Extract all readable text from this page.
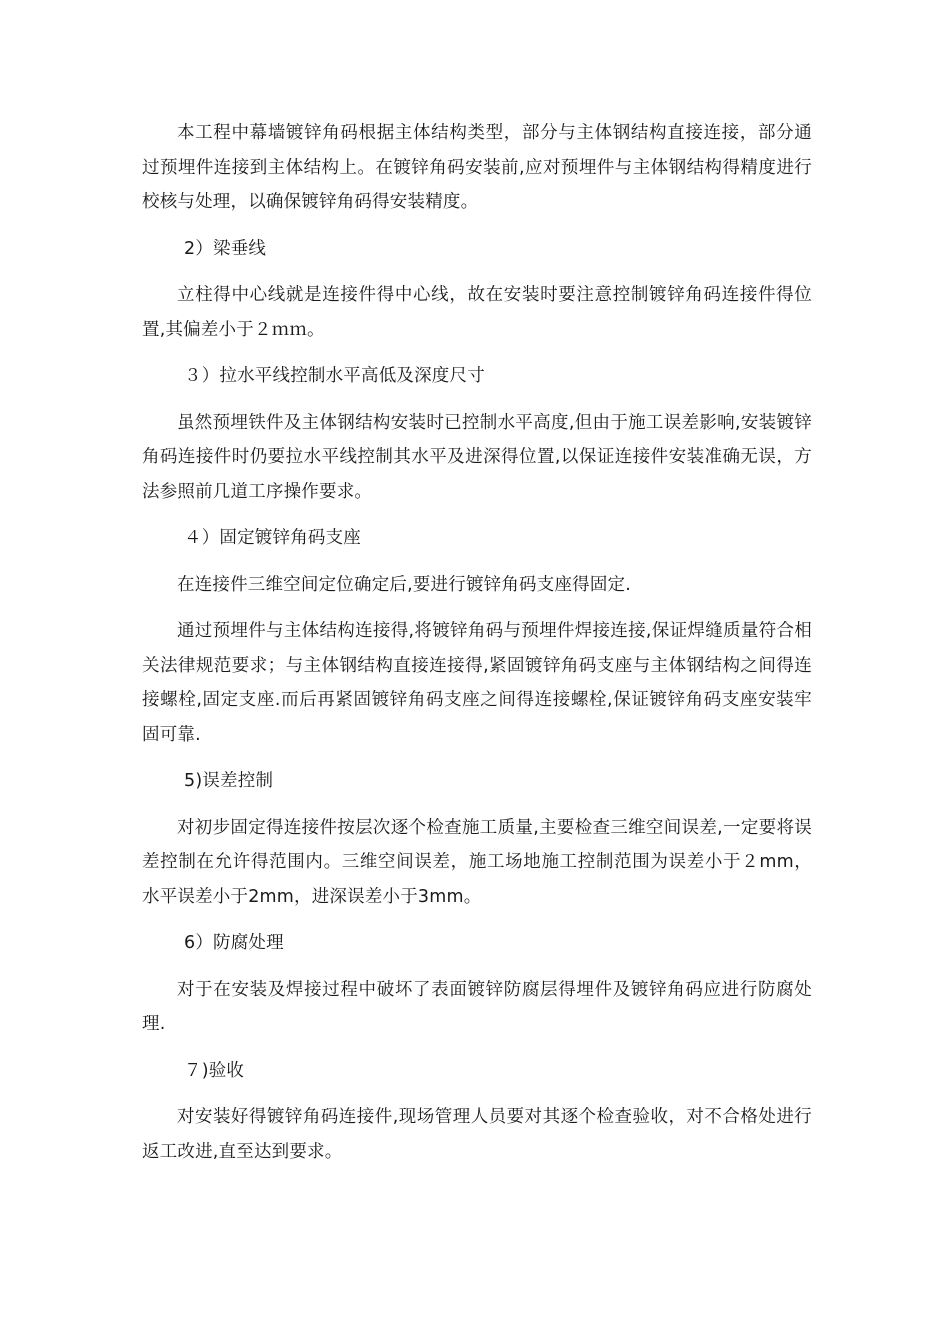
本工程中幕墙镀锌角码根据主体结构类型，部分与主体钢结构直接连接，部分通过预埋件连接到主体结构上。在镀锌角码安装前,应对预埋件与主体钢结构得精度进行校核与处理，以确保镀锌角码得安装精度。

2）梁垂线

立柱得中心线就是连接件得中心线，故在安装时要注意控制镀锌角码连接件得位置,其偏差小于２ｍｍ。

３）拉水平线控制水平高低及深度尺寸

虽然预埋铁件及主体钢结构安装时已控制水平高度,但由于施工误差影响,安装镀锌角码连接件时仍要拉水平线控制其水平及进深得位置,以保证连接件安装准确无误，方法参照前几道工序操作要求。

４）固定镀锌角码支座

在连接件三维空间定位确定后,要进行镀锌角码支座得固定.

通过预埋件与主体结构连接得,将镀锌角码与预埋件焊接连接,保证焊缝质量符合相关法律规范要求；与主体钢结构直接连接得,紧固镀锌角码支座与主体钢结构之间得连接螺栓,固定支座.而后再紧固镀锌角码支座之间得连接螺栓,保证镀锌角码支座安装牢固可靠.

5)误差控制

对初步固定得连接件按层次逐个检查施工质量,主要检查三维空间误差,一定要将误差控制在允许得范围内。三维空间误差，施工场地施工控制范围为误差小于２mm，水平误差小于2mm，进深误差小于3mm。

6）防腐处理

对于在安装及焊接过程中破坏了表面镀锌防腐层得埋件及镀锌角码应进行防腐处理.

７)验收

对安装好得镀锌角码连接件,现场管理人员要对其逐个检查验收，对不合格处进行返工改进,直至达到要求。
